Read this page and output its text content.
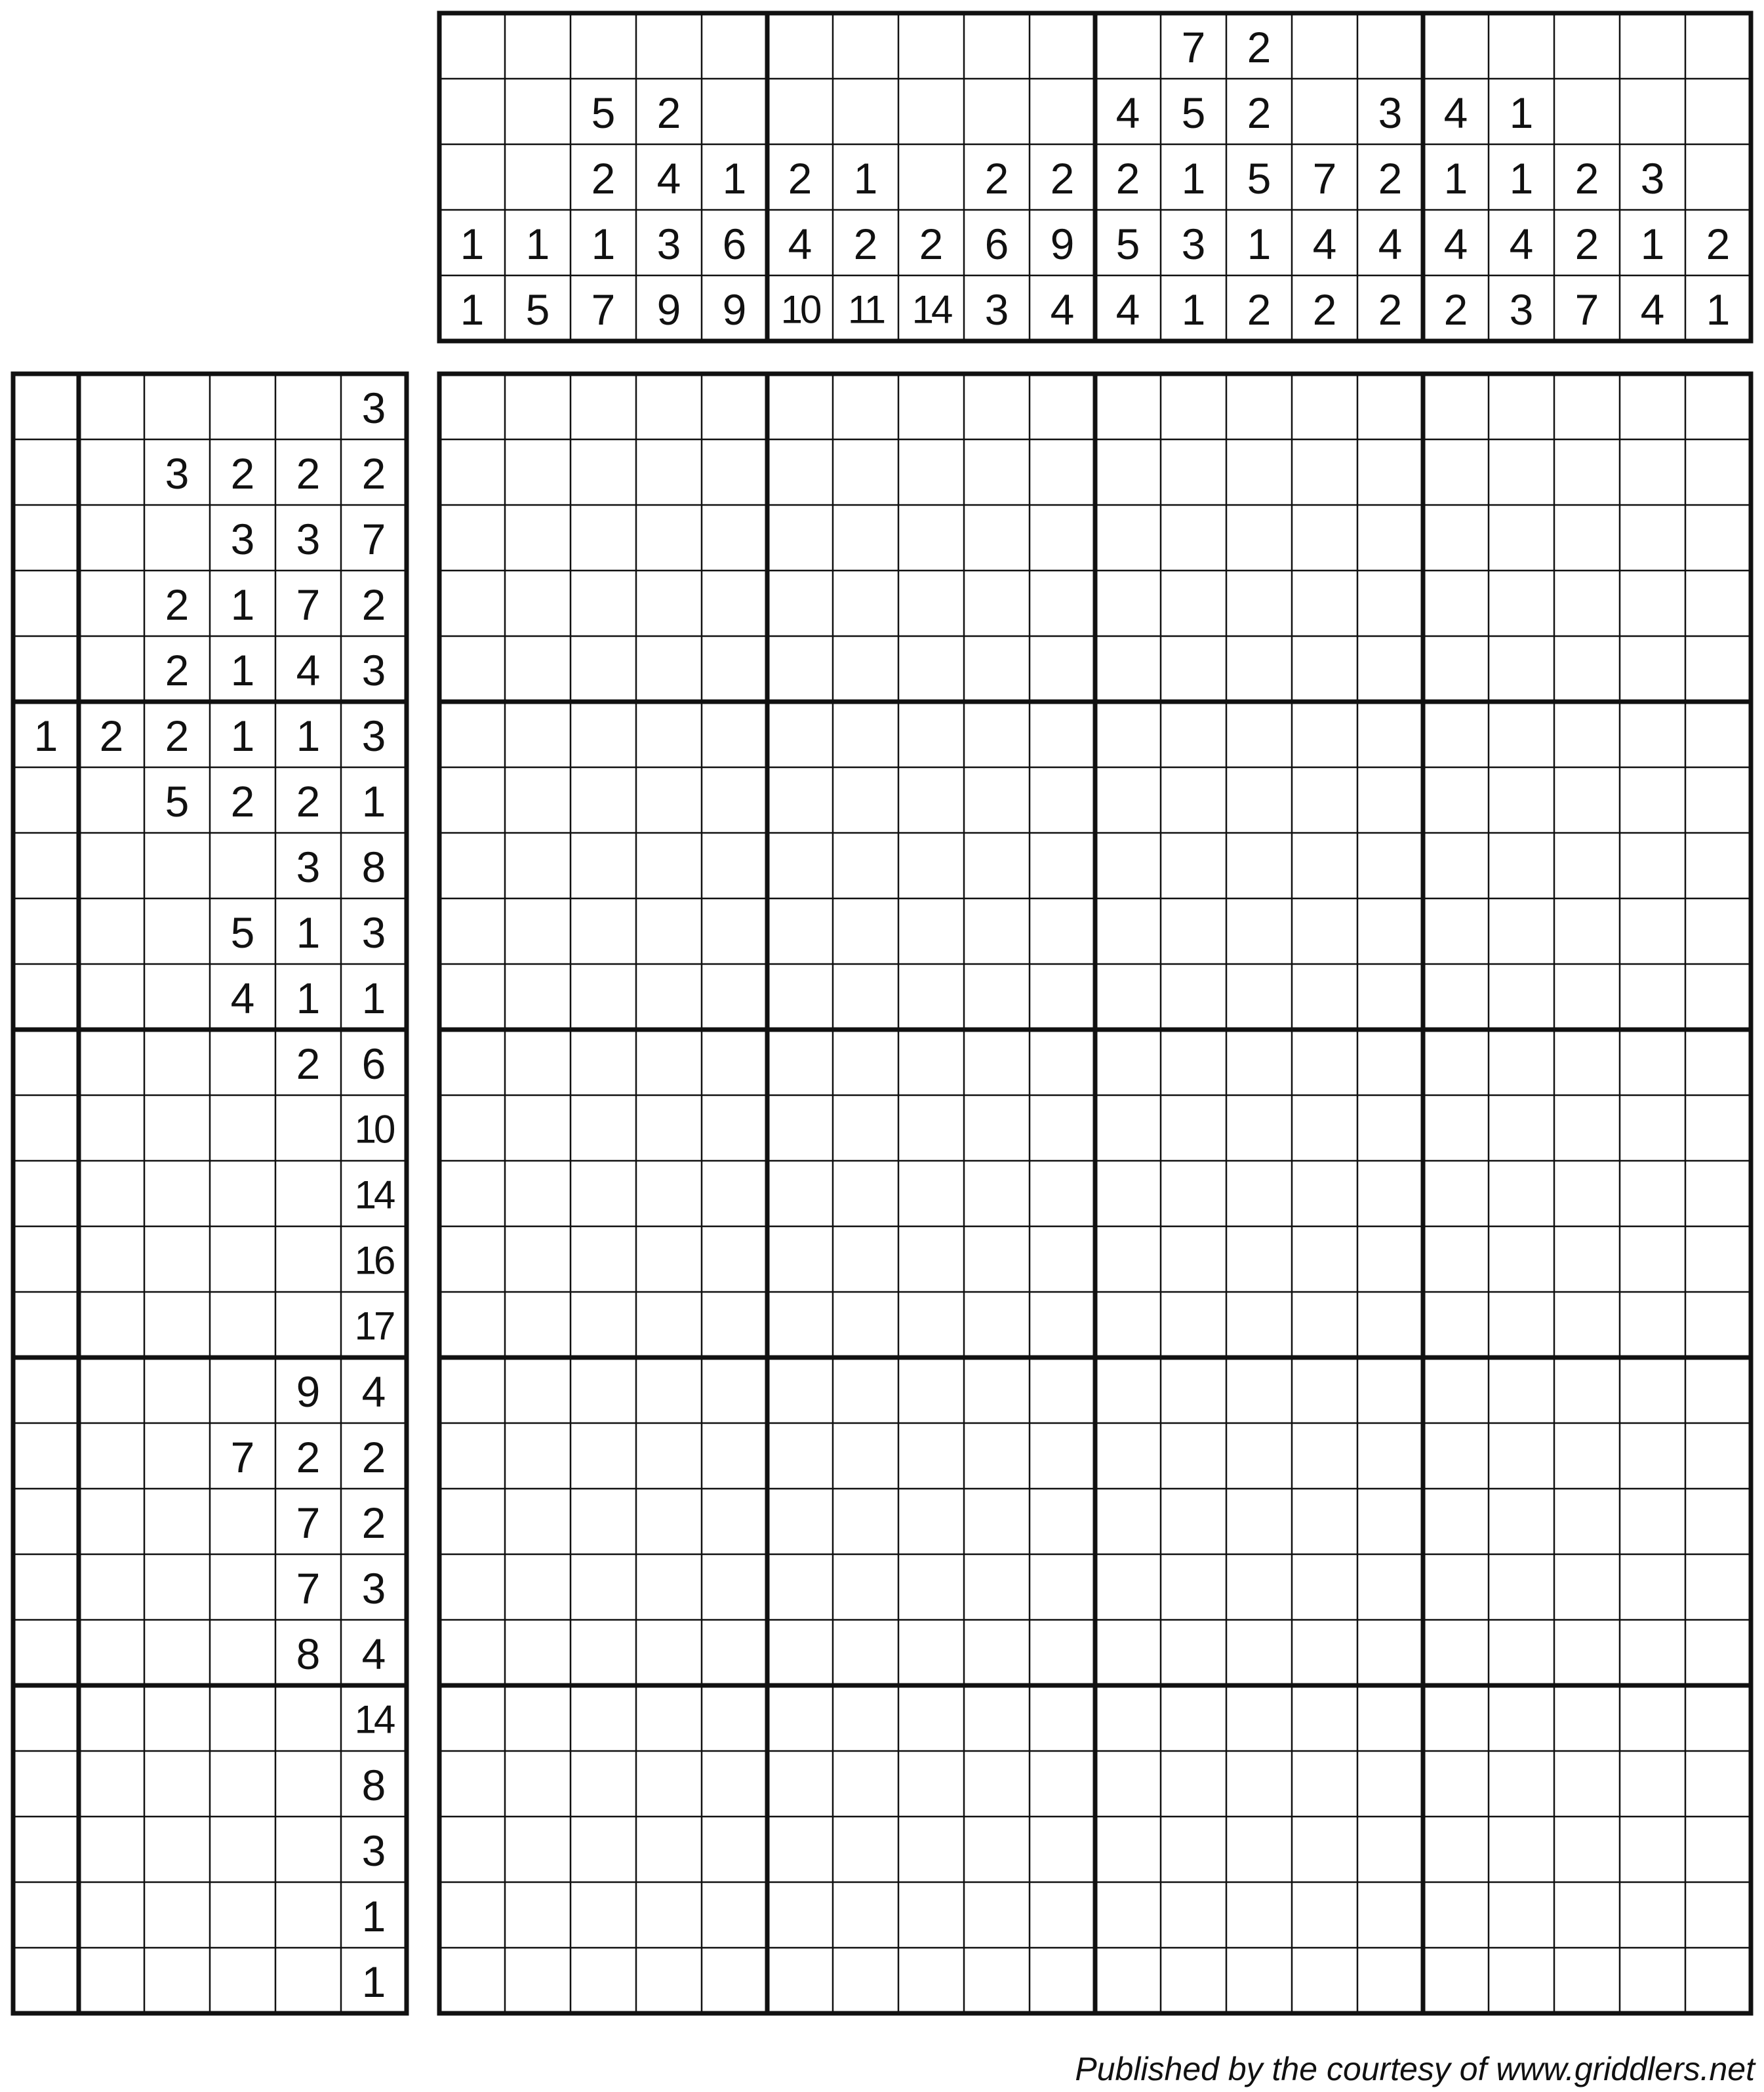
1
1
1
5
5
2
1
7
2
4
3
9
1
6
9
2
4
10
1
2
11
2
14
2
6
3
2
9
4
4
2
5
4
7
5
1
3
1
2
2
5
1
2
7
4
2
3
2
4
2
4
1
4
2
1
1
4
3
2
2
7
3
1
4
2
1
3
3 2 2 2
3 3 7
2 1 7 2
2 1 4 3
1 2 2 1 1 3
5 2 2 1
3 8
5 1 3
4 1 1
2 6
10
14
16
17
9 4
7 2 2
7 2
7 3
8 4
14
8
3
1
1
Published by the courtesy of www.griddlers.net
